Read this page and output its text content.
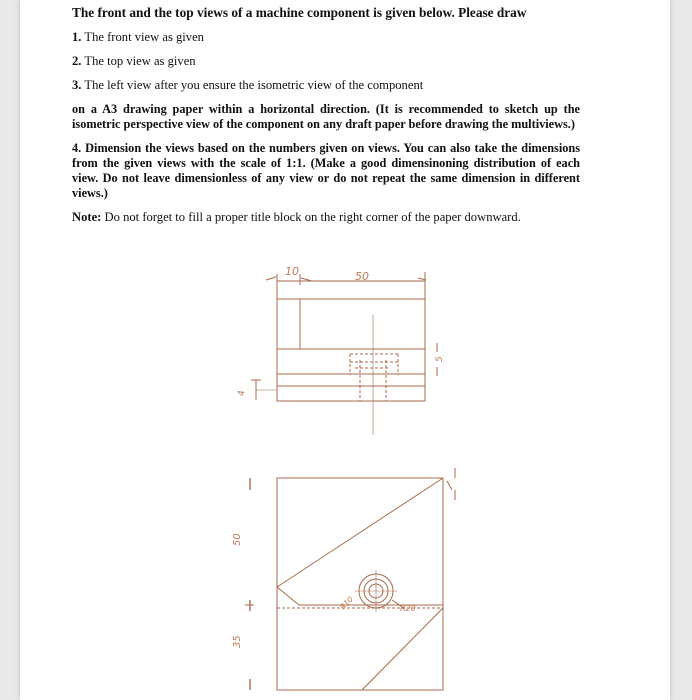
The front and the top views of a machine component is given below. Please draw

1. The front view as given

2. The top view as given

3. The left view after you ensure the isometric view of the component

on a A3 drawing paper within a horizontal direction. (It is recommended to sketch up the isometric perspective view of the component on any draft paper before drawing the multiviews.)

4. Dimension the views based on the numbers given on views. You can also take the dimensions from the given views with the scale of 1:1. (Make a good dimensinoning distribution of each view. Do not leave dimensionless of any view or do not repeat the same dimension in different views.)

Note: Do not forget to fill a proper title block on the right corner of the paper downward.

10	50
5
4
50
35
R10	R20
